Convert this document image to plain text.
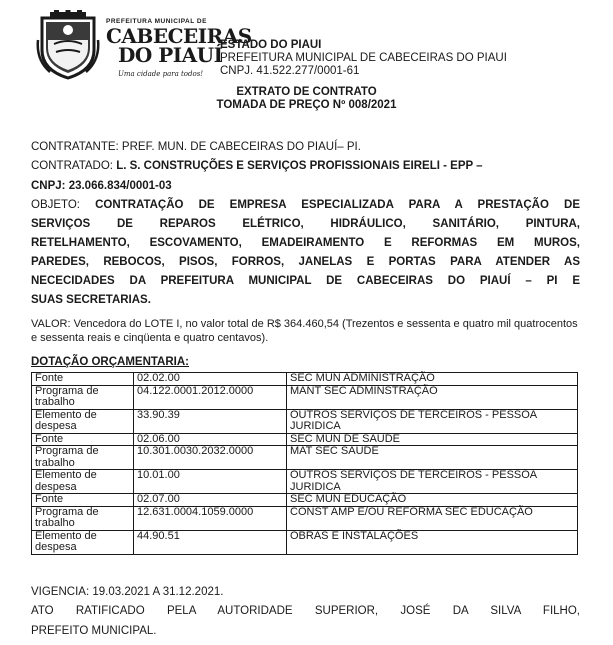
PREFEITURA MUNICIPAL DE
CABECEIRAS
DO PIAUÍ
Uma cidade para todos!
ESTADO DO PIAUI
PREFEITURA MUNICIPAL DE CABECEIRAS DO PIAUI
CNPJ. 41.522.277/0001-61
EXTRATO DE CONTRATO
TOMADA DE PREÇO Nº 008/2021
CONTRATANTE: PREF. MUN. DE CABECEIRAS DO PIAUÍ– PI.
CONTRATADO: L. S. CONSTRUÇÕES E SERVIÇOS PROFISSIONAIS EIRELI - EPP –
CNPJ: 23.066.834/0001-03
OBJETO: CONTRATAÇÃO DE EMPRESA ESPECIALIZADA PARA A PRESTAÇÃO DE
SERVIÇOS DE REPAROS ELÉTRICO, HIDRÁULICO, SANITÁRIO, PINTURA,
RETELHAMENTO, ESCOVAMENTO, EMADEIRAMENTO E REFORMAS EM MUROS,
PAREDES, REBOCOS, PISOS, FORROS, JANELAS E PORTAS PARA ATENDER AS
NECECIDADES DA PREFEITURA MUNICIPAL DE CABECEIRAS DO PIAUÍ – PI E
SUAS SECRETARIAS.
VALOR: Vencedora do LOTE I, no valor total de R$ 364.460,54 (Trezentos e sessenta e quatro mil quatrocentos e sessenta reais e cinqüenta e quatro centavos).
DOTAÇÃO ORÇAMENTARIA:
Fonte	02.02.00	SEC MUN ADMINISTRAÇÃO
Programa de trabalho	04.122.0001.2012.0000	MANT SEC ADMINSTRAÇÃO
Elemento de despesa	33.90.39	OUTROS SERVIÇOS DE TERCEIROS - PESSOA JURIDICA
Fonte	02.06.00	SEC MUN DE SAUDE
Programa de trabalho	10.301.0030.2032.0000	MAT SEC SAUDE
Elemento de despesa	10.01.00	OUTROS SERVIÇOS DE TERCEIROS - PESSOA JURIDICA
Fonte	02.07.00	SEC MUN EDUCAÇÃO
Programa de trabalho	12.631.0004.1059.0000	CONST AMP E/OU REFORMA SEC EDUCAÇÃO
Elemento de despesa	44.90.51	OBRAS E INSTALAÇÕES
VIGENCIA: 19.03.2021 A 31.12.2021.
ATO RATIFICADO PELA AUTORIDADE SUPERIOR, JOSÉ DA SILVA FILHO,
PREFEITO MUNICIPAL.
